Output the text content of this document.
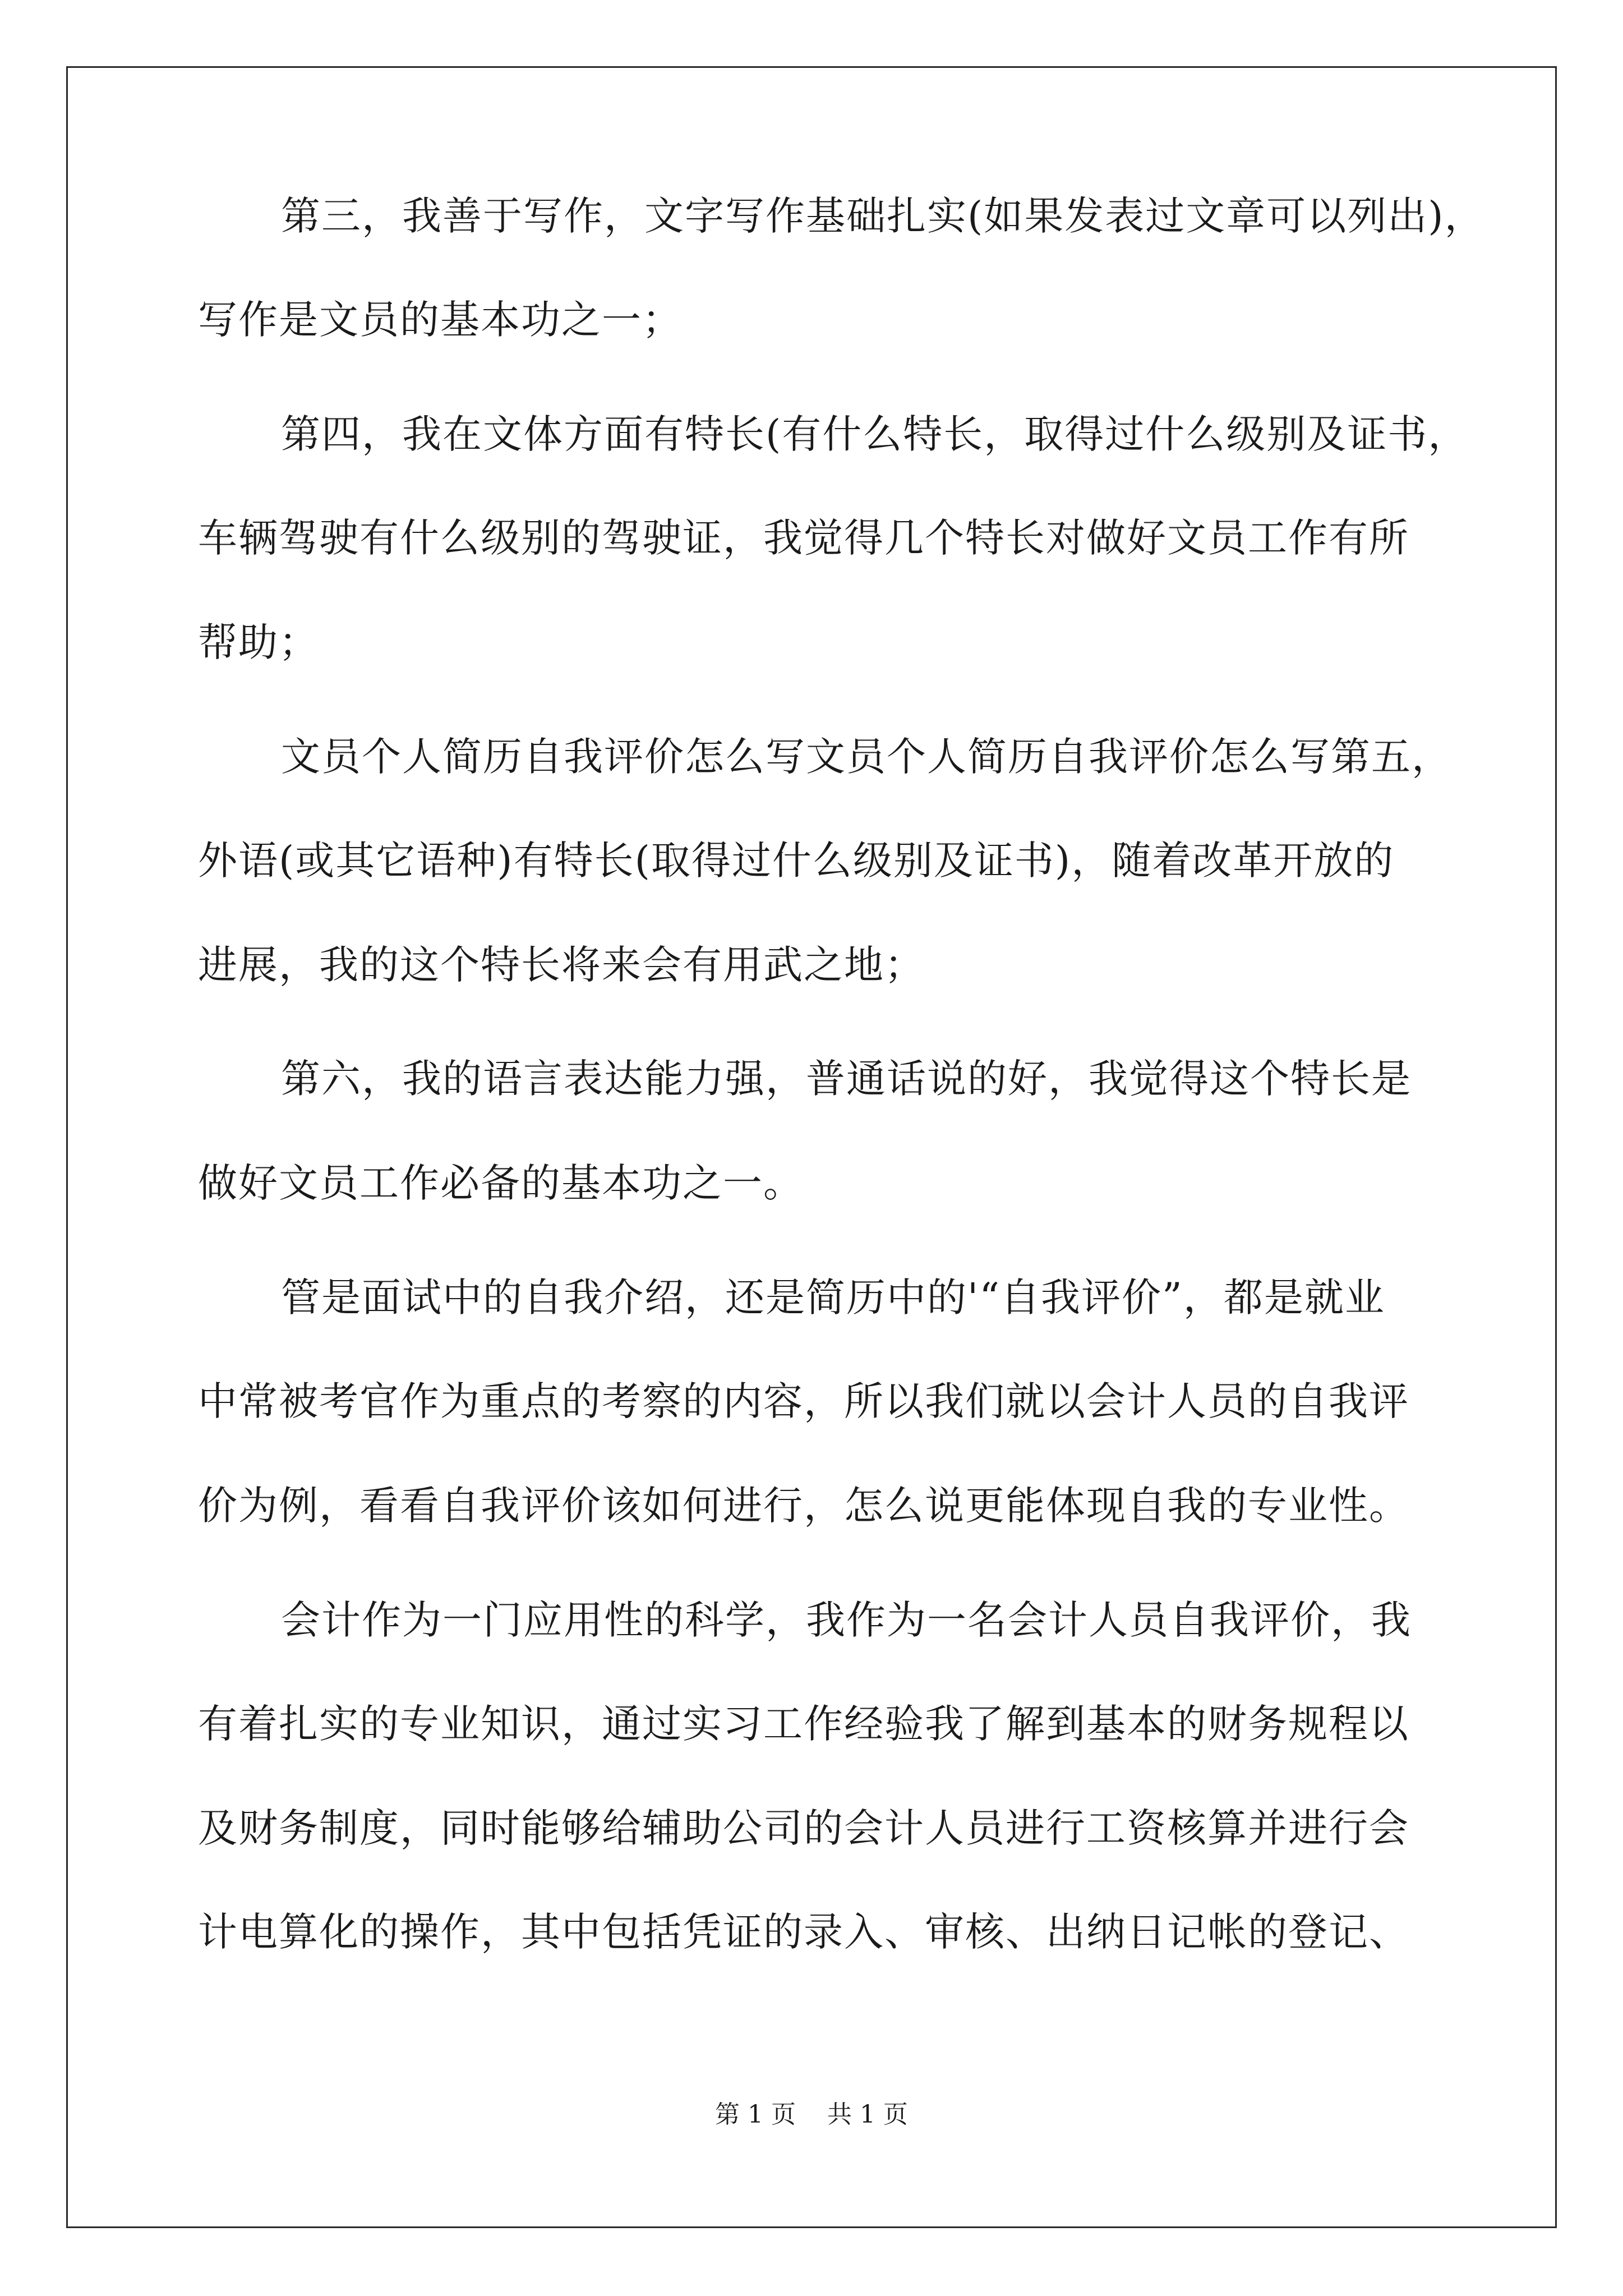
第三，我善于写作，文字写作基础扎实(如果发表过文章可以列出)，
写作是文员的基本功之一；
第四，我在文体方面有特长(有什么特长，取得过什么级别及证书，
车辆驾驶有什么级别的驾驶证，我觉得几个特长对做好文员工作有所
帮助；
文员个人简历自我评价怎么写文员个人简历自我评价怎么写第五，
外语(或其它语种)有特长(取得过什么级别及证书)，随着改革开放的
进展，我的这个特长将来会有用武之地；
第六，我的语言表达能力强，普通话说的好，我觉得这个特长是
做好文员工作必备的基本功之一。
管是面试中的自我介绍，还是简历中的'“自我评价”，都是就业
中常被考官作为重点的考察的内容，所以我们就以会计人员的自我评
价为例，看看自我评价该如何进行，怎么说更能体现自我的专业性。
会计作为一门应用性的科学，我作为一名会计人员自我评价，我
有着扎实的专业知识，通过实习工作经验我了解到基本的财务规程以
及财务制度，同时能够给辅助公司的会计人员进行工资核算并进行会
计电算化的操作，其中包括凭证的录入、审核、出纳日记帐的登记、
第 1 页    共 1 页
